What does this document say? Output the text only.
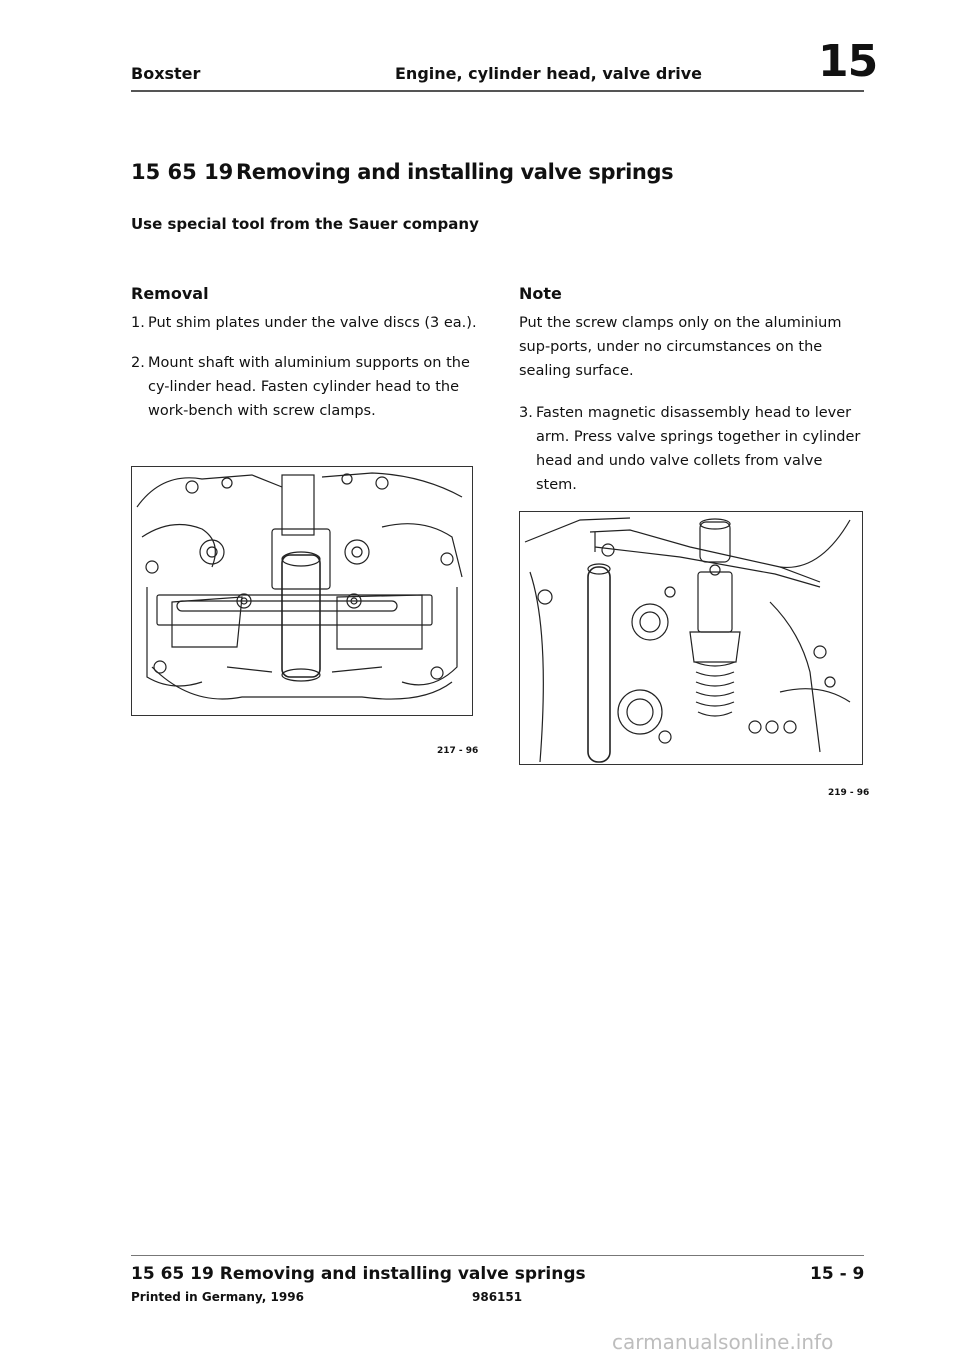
Boxster	Engine, cylinder head, valve drive	15
15 65 19 Removing and installing valve springs
Use special tool from the Sauer company
Removal
1. Put shim plates under the valve discs (3 ea.).
2. Mount shaft with aluminium supports on the cy-linder head. Fasten cylinder head to the work-bench with screw clamps.
217 - 96
Note
Put the screw clamps only on the aluminium sup-ports, under no circumstances on the sealing surface.
3. Fasten magnetic disassembly head to lever arm. Press valve springs together in cylinder head and undo valve collets from valve stem.
219 - 96
15 65 19 Removing and installing valve springs	15 - 9
Printed in Germany, 1996	986151
carmanualsonline.info
